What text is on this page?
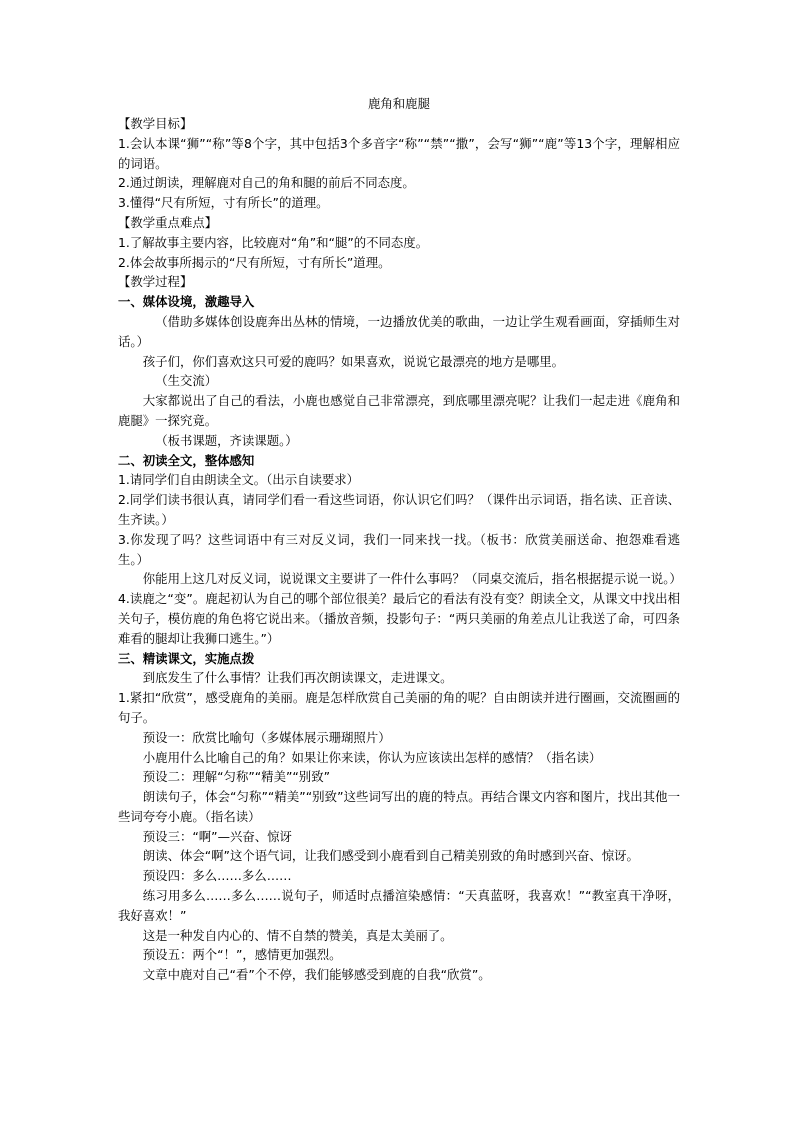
鹿角和鹿腿

【教学目标】

1.会认本课“狮”“称”等8个字，其中包括3个多音字“称”“禁”“撒”，会写“狮”“鹿”等13个字，理解相应的词语。

2.通过朗读，理解鹿对自己的角和腿的前后不同态度。

3.懂得“尺有所短，寸有所长”的道理。

【教学重点难点】

1.了解故事主要内容，比较鹿对“角”和“腿”的不同态度。

2.体会故事所揭示的“尺有所短，寸有所长”道理。

【教学过程】

一、媒体设境，激趣导入

（借助多媒体创设鹿奔出丛林的情境，一边播放优美的歌曲，一边让学生观看画面，穿插师生对话。）

孩子们，你们喜欢这只可爱的鹿吗？如果喜欢，说说它最漂亮的地方是哪里。

（生交流）

大家都说出了自己的看法，小鹿也感觉自己非常漂亮，到底哪里漂亮呢？让我们一起走进《鹿角和鹿腿》一探究竟。

（板书课题，齐读课题。）

二、初读全文，整体感知

1.请同学们自由朗读全文。（出示自读要求）

2.同学们读书很认真，请同学们看一看这些词语，你认识它们吗？（课件出示词语，指名读、正音读、生齐读。）

3.你发现了吗？这些词语中有三对反义词，我们一同来找一找。（板书：欣赏美丽送命、抱怨难看逃生。）

你能用上这几对反义词，说说课文主要讲了一件什么事吗？（同桌交流后，指名根据提示说一说。）

4.读鹿之“变”。鹿起初认为自己的哪个部位很美？最后它的看法有没有变？朗读全文，从课文中找出相关句子，模仿鹿的角色将它说出来。（播放音频，投影句子：“两只美丽的角差点儿让我送了命，可四条难看的腿却让我狮口逃生。”）

三、精读课文，实施点拨

到底发生了什么事情？让我们再次朗读课文，走进课文。

1.紧扣“欣赏”，感受鹿角的美丽。鹿是怎样欣赏自己美丽的角的呢？自由朗读并进行圈画，交流圈画的句子。

预设一：欣赏比喻句（多媒体展示珊瑚照片）

小鹿用什么比喻自己的角？如果让你来读，你认为应该读出怎样的感情？（指名读）

预设二：理解“匀称”“精美”“别致”

朗读句子，体会“匀称”“精美”“别致”这些词写出的鹿的特点。再结合课文内容和图片，找出其他一些词夸夸小鹿。（指名读）

预设三：“啊”—兴奋、惊讶

朗读、体会“啊”这个语气词，让我们感受到小鹿看到自己精美别致的角时感到兴奋、惊讶。

预设四：多么……多么……

练习用多么……多么……说句子，师适时点播渲染感情：“天真蓝呀，我喜欢！”“教室真干净呀，我好喜欢！”

这是一种发自内心的、情不自禁的赞美，真是太美丽了。

预设五：两个“！”，感情更加强烈。

文章中鹿对自己“看”个不停，我们能够感受到鹿的自我“欣赏”。
